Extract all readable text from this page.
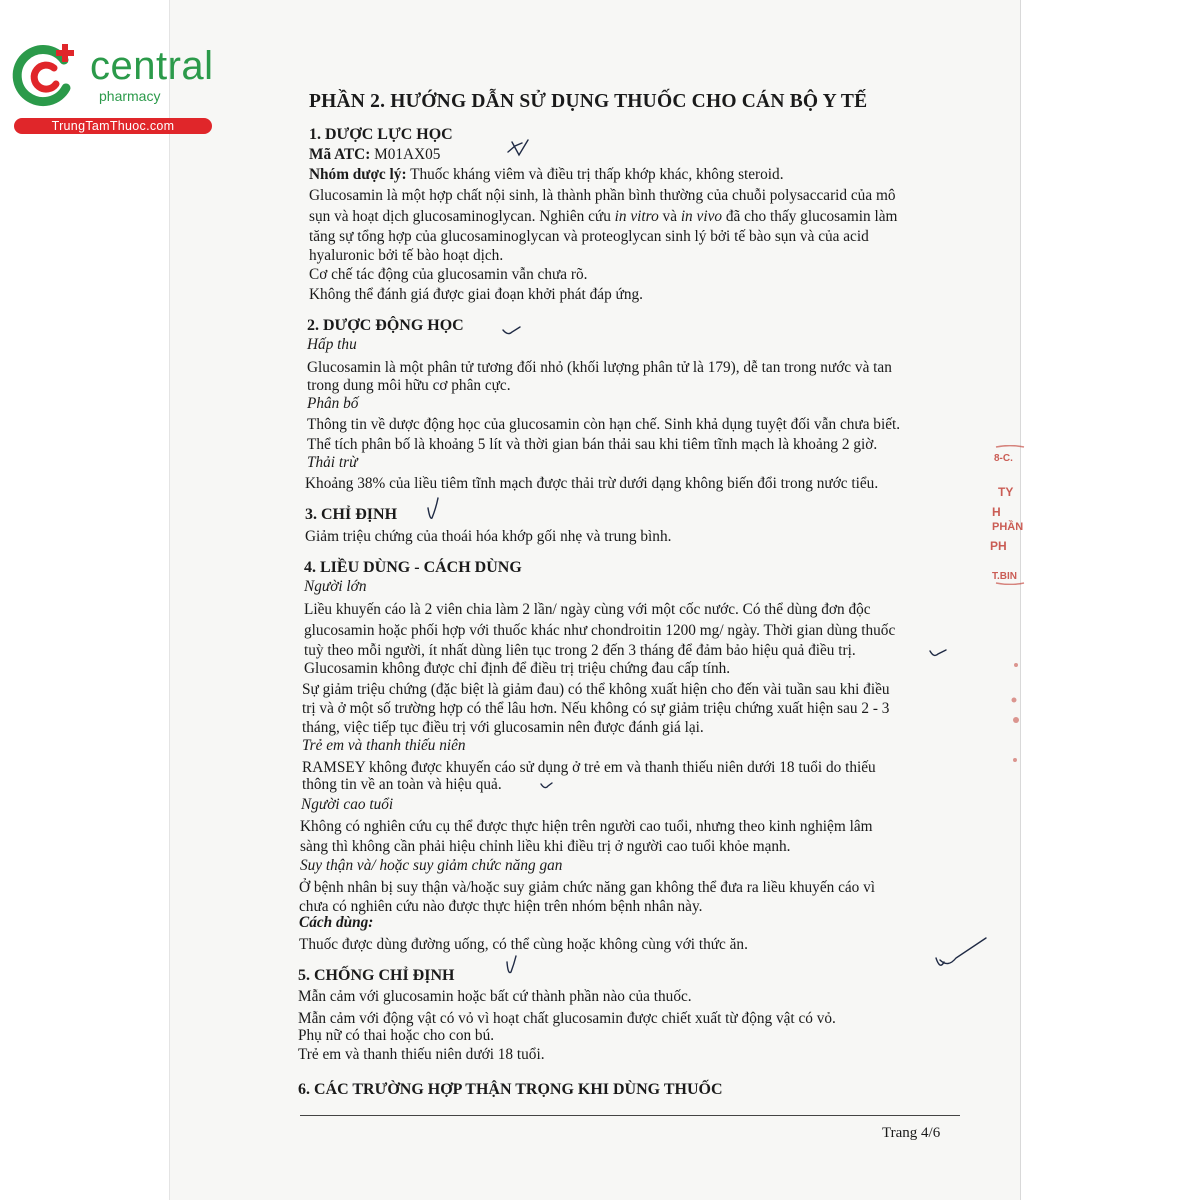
central
pharmacy
TrungTamThuoc.com
PHẦN 2. HƯỚNG DẪN SỬ DỤNG THUỐC CHO CÁN BỘ Y TẾ
1. DƯỢC LỰC HỌC
Mã ATC: M01AX05
Nhóm dược lý: Thuốc kháng viêm và điều trị thấp khớp khác, không steroid.
Glucosamin là một hợp chất nội sinh, là thành phần bình thường của chuỗi polysaccarid của mô
sụn và hoạt dịch glucosaminoglycan. Nghiên cứu in vitro và in vivo đã cho thấy glucosamin làm
tăng sự tổng hợp của glucosaminoglycan và proteoglycan sinh lý bởi tế bào sụn và của acid
hyaluronic bởi tế bào hoạt dịch.
Cơ chế tác động của glucosamin vẫn chưa rõ.
Không thể đánh giá được giai đoạn khởi phát đáp ứng.
2. DƯỢC ĐỘNG HỌC
Hấp thu
Glucosamin là một phân tử tương đối nhỏ (khối lượng phân tử là 179), dễ tan trong nước và tan
trong dung môi hữu cơ phân cực.
Phân bố
Thông tin về dược động học của glucosamin còn hạn chế. Sinh khả dụng tuyệt đối vẫn chưa biết.
Thể tích phân bố là khoảng 5 lít và thời gian bán thải sau khi tiêm tĩnh mạch là khoảng 2 giờ.
Thải trừ
Khoảng 38% của liều tiêm tĩnh mạch được thải trừ dưới dạng không biến đổi trong nước tiểu.
3. CHỈ ĐỊNH
Giảm triệu chứng của thoái hóa khớp gối nhẹ và trung bình.
4. LIỀU DÙNG - CÁCH DÙNG
Người lớn
Liều khuyến cáo là 2 viên chia làm 2 lần/ ngày cùng với một cốc nước. Có thể dùng đơn độc
glucosamin hoặc phối hợp với thuốc khác như chondroitin 1200 mg/ ngày. Thời gian dùng thuốc
tuỳ theo mỗi người, ít nhất dùng liên tục trong 2 đến 3 tháng để đảm bảo hiệu quả điều trị.
Glucosamin không được chỉ định để điều trị triệu chứng đau cấp tính.
Sự giảm triệu chứng (đặc biệt là giảm đau) có thể không xuất hiện cho đến vài tuần sau khi điều
trị và ở một số trường hợp có thể lâu hơn. Nếu không có sự giảm triệu chứng xuất hiện sau 2 - 3
tháng, việc tiếp tục điều trị với glucosamin nên được đánh giá lại.
Trẻ em và thanh thiếu niên
RAMSEY không được khuyến cáo sử dụng ở trẻ em và thanh thiếu niên dưới 18 tuổi do thiếu
thông tin về an toàn và hiệu quả.
Người cao tuổi
Không có nghiên cứu cụ thể được thực hiện trên người cao tuổi, nhưng theo kinh nghiệm lâm
sàng thì không cần phải hiệu chỉnh liều khi điều trị ở người cao tuổi khỏe mạnh.
Suy thận và/ hoặc suy giảm chức năng gan
Ở bệnh nhân bị suy thận và/hoặc suy giảm chức năng gan không thể đưa ra liều khuyến cáo vì
chưa có nghiên cứu nào được thực hiện trên nhóm bệnh nhân này.
Cách dùng:
Thuốc được dùng đường uống, có thể cùng hoặc không cùng với thức ăn.
5. CHỐNG CHỈ ĐỊNH
Mẫn cảm với glucosamin hoặc bất cứ thành phần nào của thuốc.
Mẫn cảm với động vật có vỏ vì hoạt chất glucosamin được chiết xuất từ động vật có vỏ.
Phụ nữ có thai hoặc cho con bú.
Trẻ em và thanh thiếu niên dưới 18 tuổi.
6. CÁC TRƯỜNG HỢP THẬN TRỌNG KHI DÙNG THUỐC
Trang 4/6
8-C.
TY
H
PHẦN
PH
T.BIN
